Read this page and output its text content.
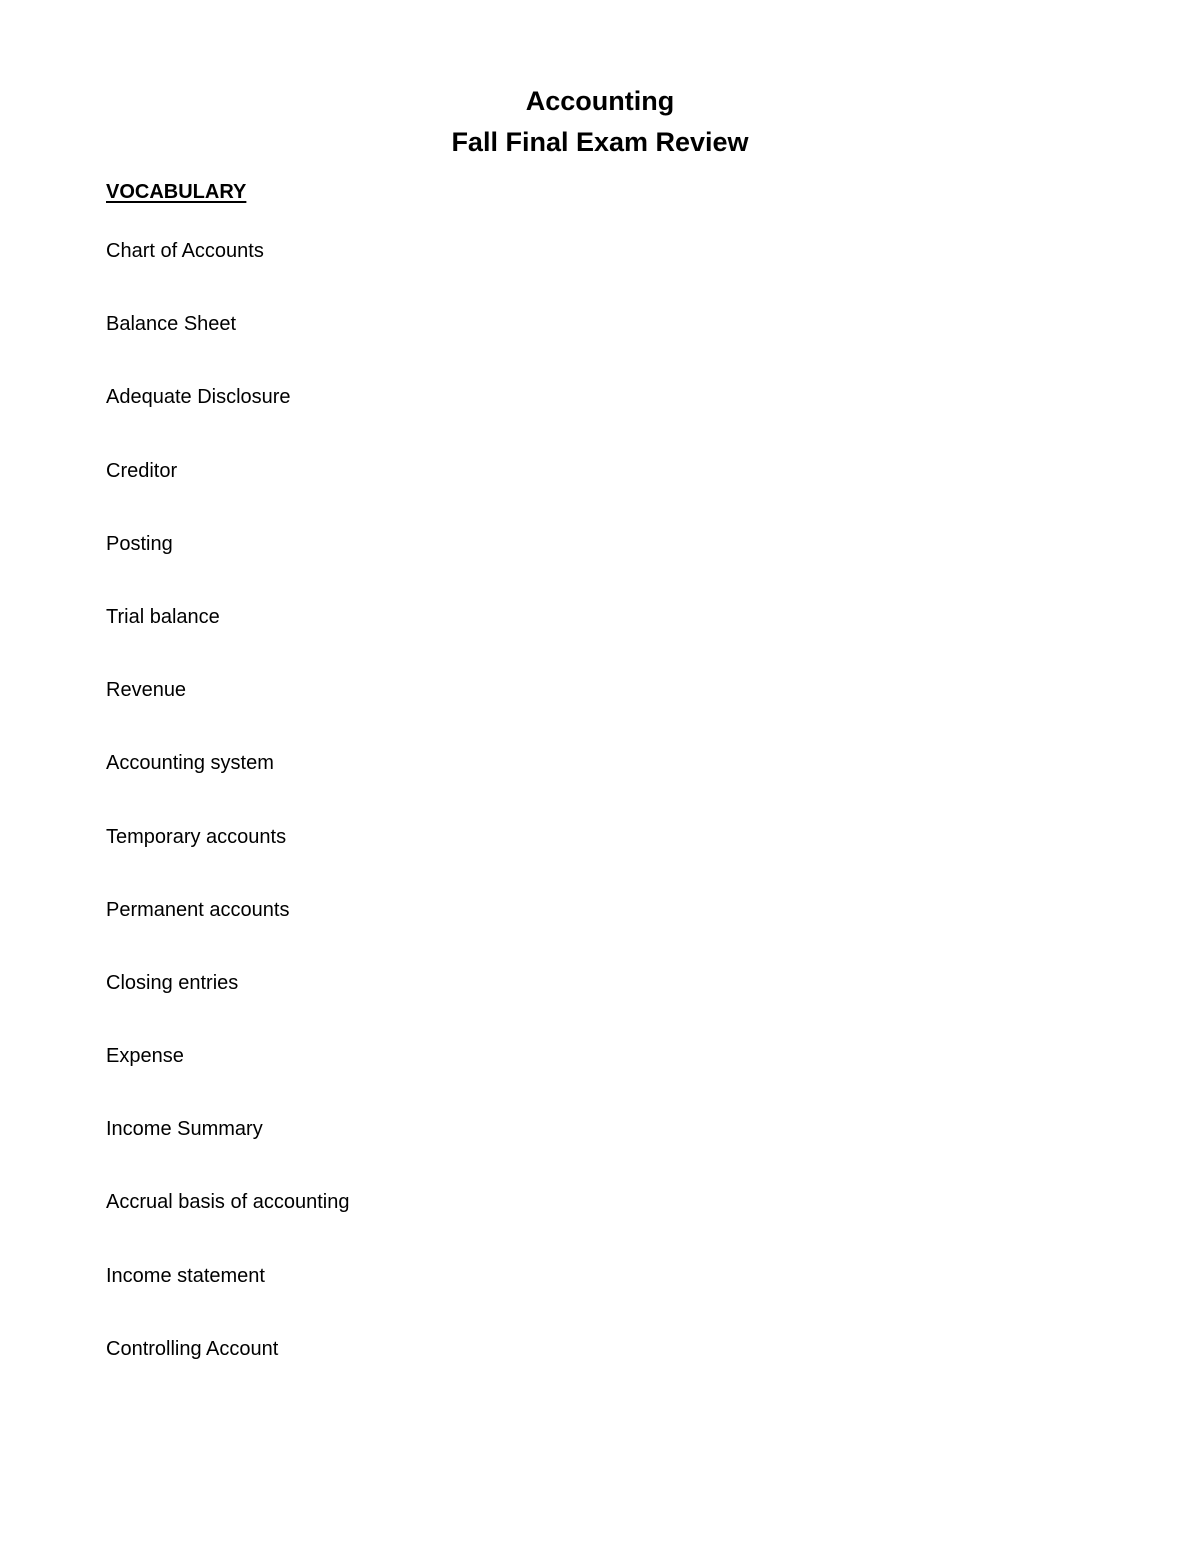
Accounting
Fall Final Exam Review
VOCABULARY
Chart of Accounts
Balance Sheet
Adequate Disclosure
Creditor
Posting
Trial balance
Revenue
Accounting system
Temporary accounts
Permanent accounts
Closing entries
Expense
Income Summary
Accrual basis of accounting
Income statement
Controlling Account
